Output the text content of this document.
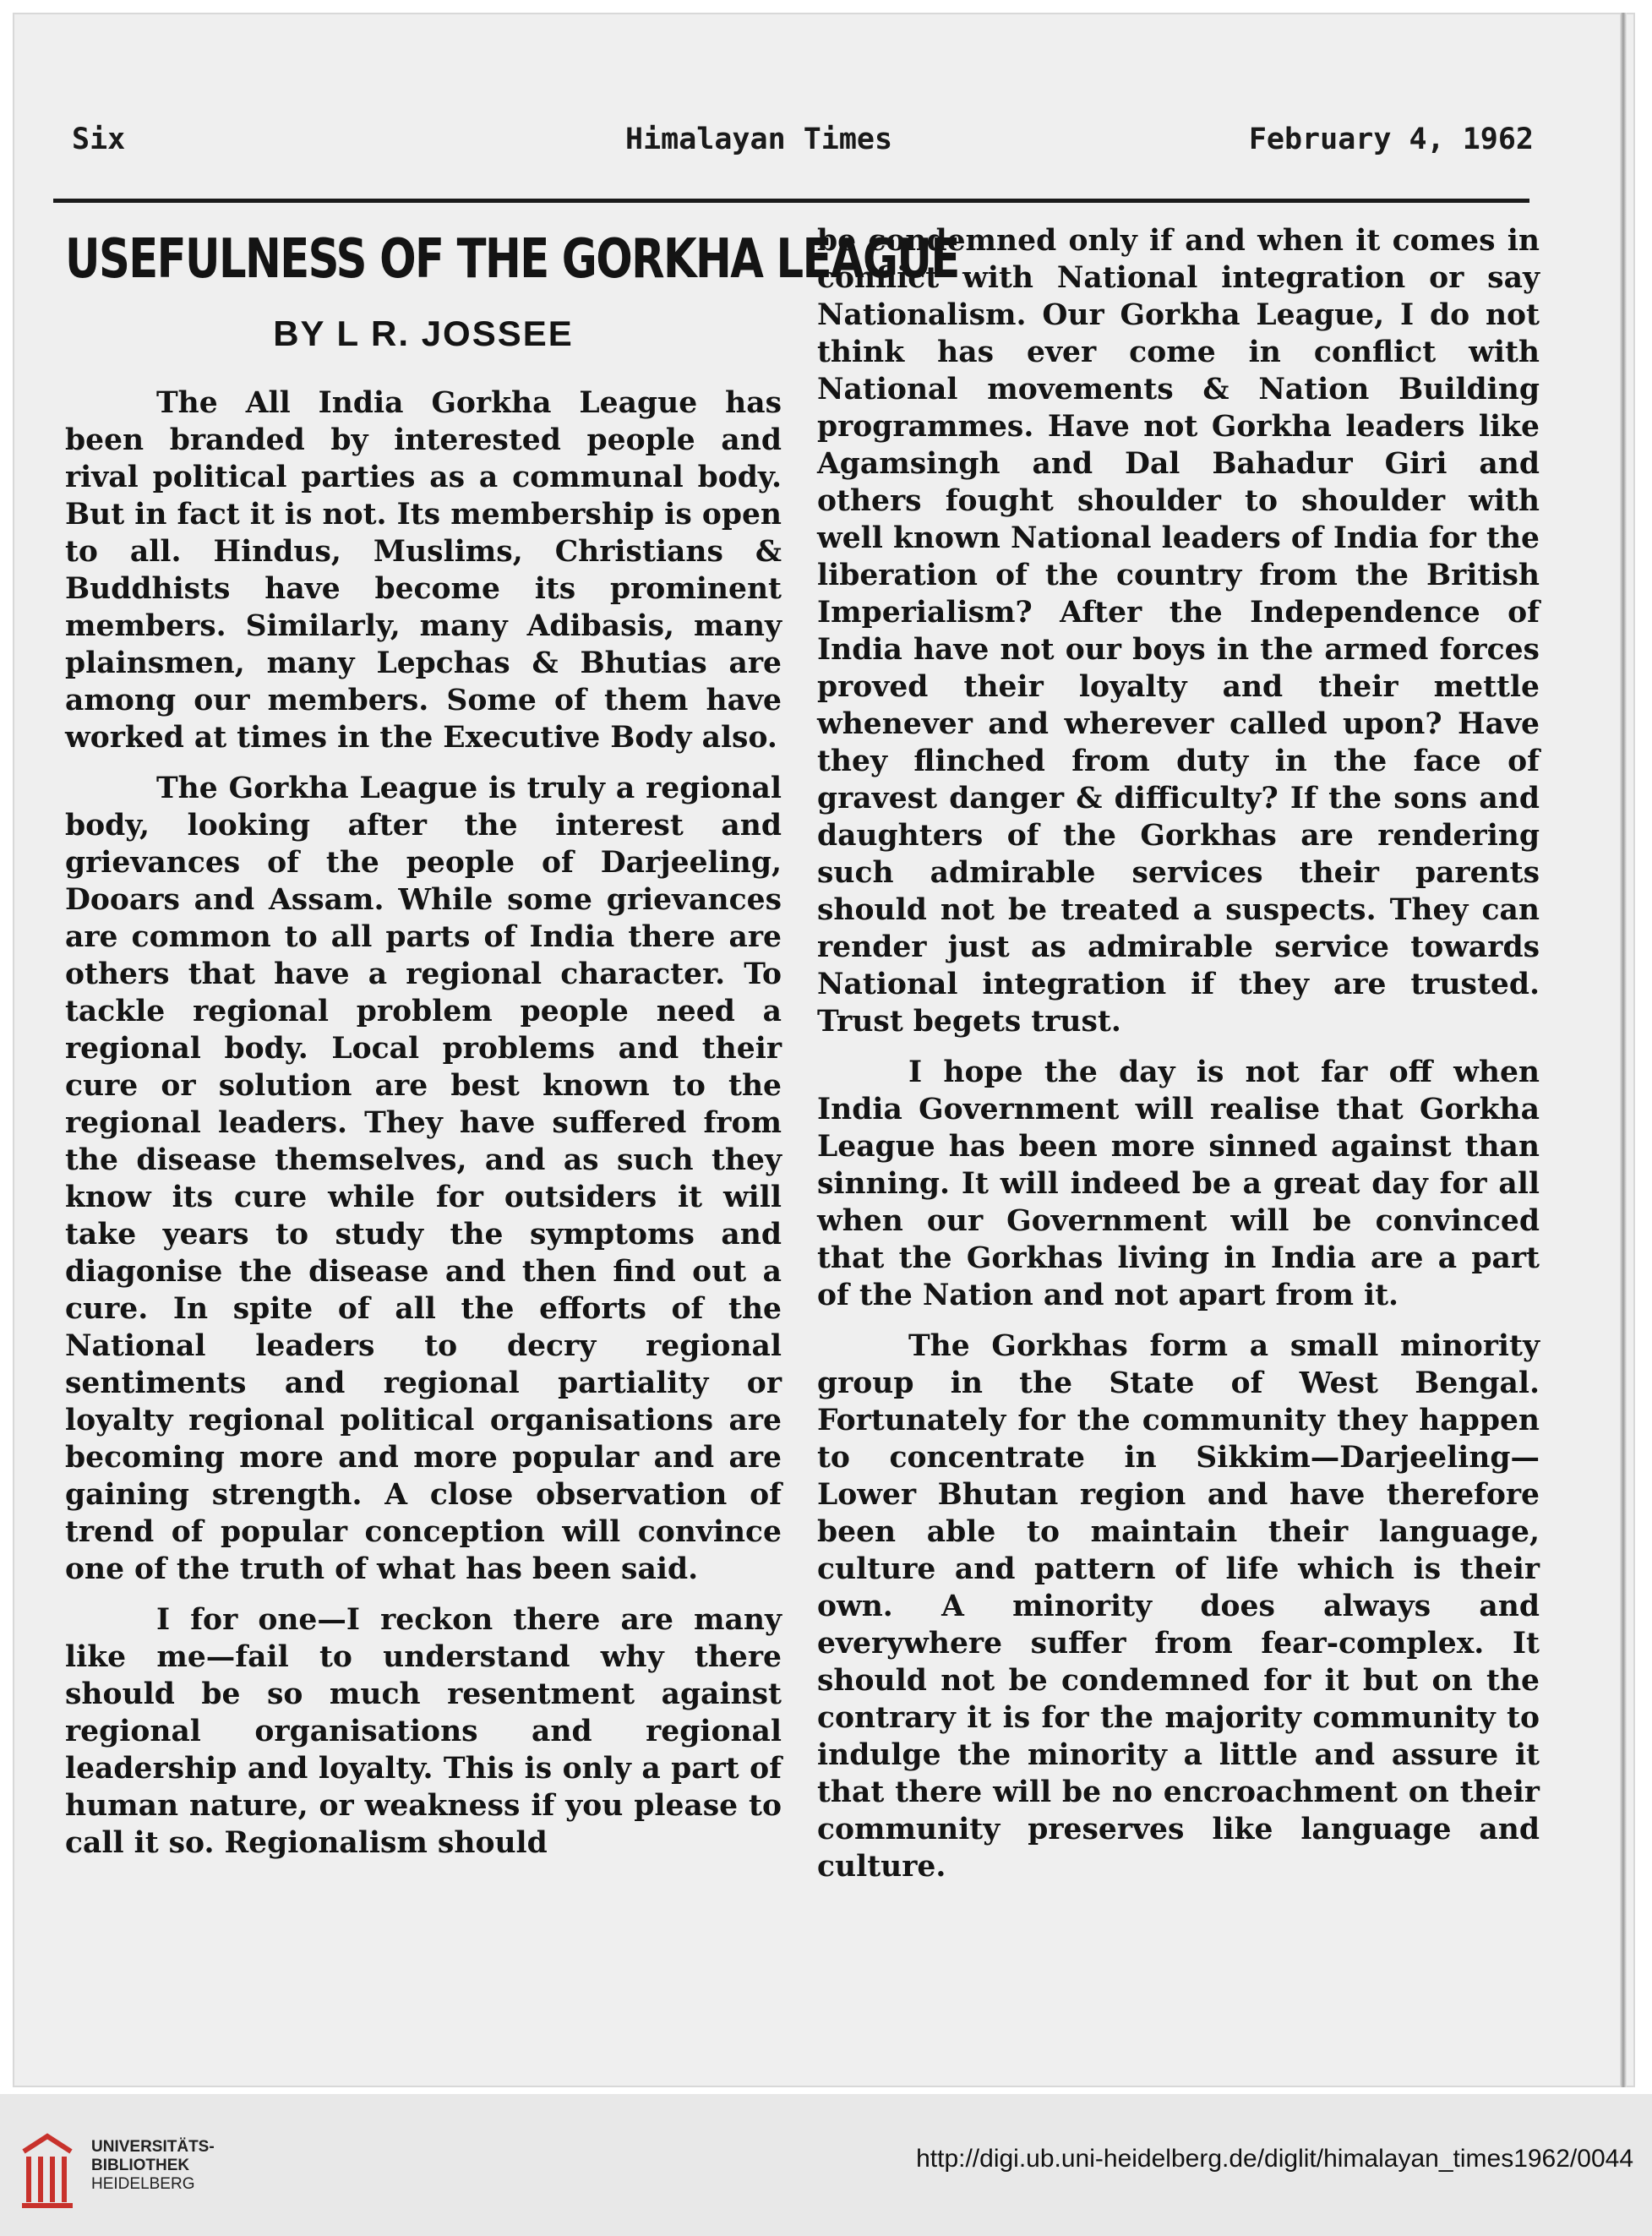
Six	Himalayan Times	February 4, 1962
USEFULNESS OF THE GORKHA LEAGUE
BY L R. JOSSEE

The All India Gorkha League has been branded by interested people and rival political parties as a communal body. But in fact it is not. Its membership is open to all. Hindus, Muslims, Christians & Buddhists have become its prominent members. Similarly, many Adibasis, many plainsmen, many Lepchas & Bhutias are among our members. Some of them have worked at times in the Executive Body also.

The Gorkha League is truly a regional body, looking after the interest and grievances of the people of Darjeeling, Dooars and Assam. While some grievances are common to all parts of India there are others that have a regional character. To tackle regional problem people need a regional body. Local problems and their cure or solution are best known to the regional leaders. They have suffered from the disease themselves, and as such they know its cure while for outsiders it will take years to study the symptoms and diagonise the disease and then find out a cure. In spite of all the efforts of the National leaders to decry regional sentiments and regional partiality or loyalty regional political organisations are becoming more and more popular and are gaining strength. A close observation of trend of popular conception will convince one of the truth of what has been said.

I for one—I reckon there are many like me—fail to understand why there should be so much resentment against regional organisations and regional leadership and loyalty. This is only a part of human nature, or weakness if you please to call it so. Regionalism should

be condemned only if and when it comes in conflict with National integration or say Nationalism. Our Gorkha League, I do not think has ever come in conflict with National movements & Nation Building programmes. Have not Gorkha leaders like Agamsingh and Dal Bahadur Giri and others fought shoulder to shoulder with well known National leaders of India for the liberation of the country from the British Imperialism? After the Independence of India have not our boys in the armed forces proved their loyalty and their mettle whenever and wherever called upon? Have they flinched from duty in the face of gravest danger & difficulty? If the sons and daughters of the Gorkhas are rendering such admirable services their parents should not be treated a suspects. They can render just as admirable service towards National integration if they are trusted. Trust begets trust.

I hope the day is not far off when India Government will realise that Gorkha League has been more sinned against than sinning. It will indeed be a great day for all when our Government will be convinced that the Gorkhas living in India are a part of the Nation and not apart from it.

The Gorkhas form a small minority group in the State of West Bengal. Fortunately for the community they happen to concentrate in Sikkim—Darjeeling—Lower Bhutan region and have therefore been able to maintain their language, culture and pattern of life which is their own. A minority does always and everywhere suffer from fear-complex. It should not be condemned for it but on the contrary it is for the majority community to indulge the minority a little and assure it that there will be no encroachment on their community preserves like language and culture.

UNIVERSITÄTS-
BIBLIOTHEK
HEIDELBERG
http://digi.ub.uni-heidelberg.de/diglit/himalayan_times1962/0044
